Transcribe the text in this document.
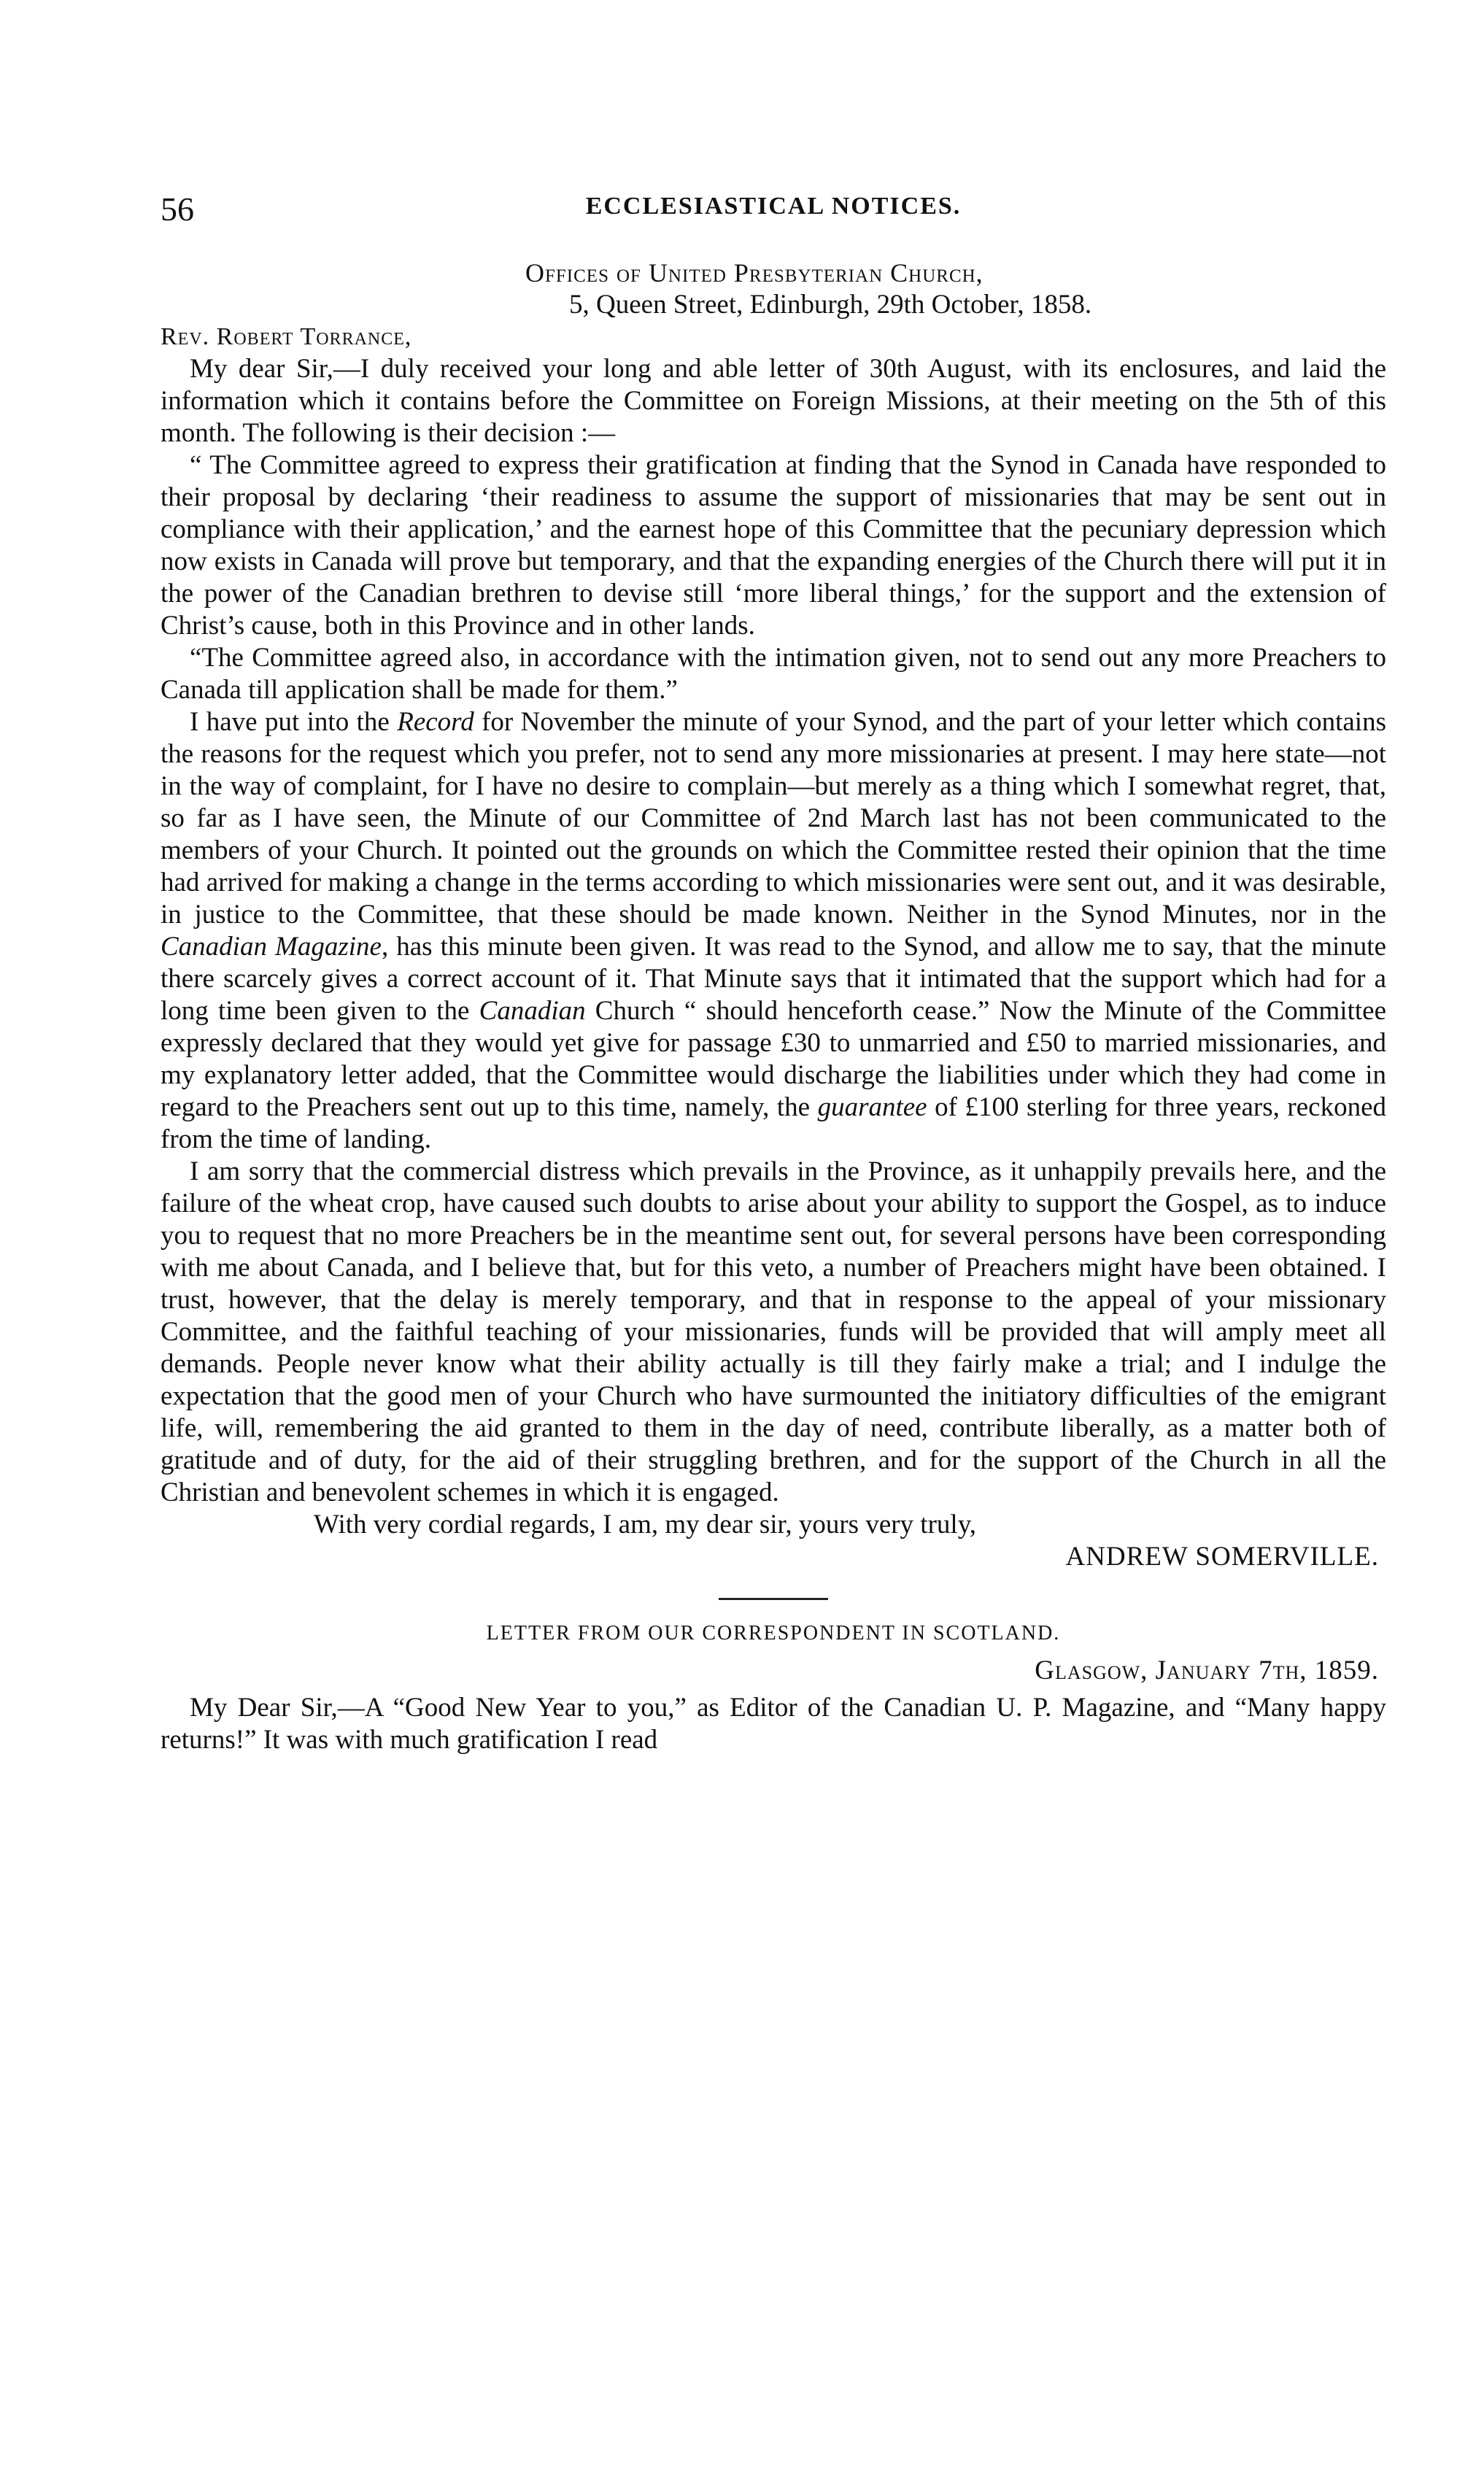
56	ECCLESIASTICAL NOTICES.

Offices of United Presbyterian Church,

5, Queen Street, Edinburgh, 29th October, 1858.

Rev. Robert Torrance,

My dear Sir,—I duly received your long and able letter of 30th August, with its enclosures, and laid the information which it contains before the Committee on Foreign Missions, at their meeting on the 5th of this month. The following is their decision :—

“ The Committee agreed to express their gratification at finding that the Synod in Canada have responded to their proposal by declaring ‘their readiness to assume the support of missionaries that may be sent out in compliance with their application,’ and the earnest hope of this Committee that the pecuniary depression which now exists in Canada will prove but temporary, and that the expanding energies of the Church there will put it in the power of the Canadian brethren to devise still ‘more liberal things,’ for the support and the extension of Christ’s cause, both in this Province and in other lands.

“The Committee agreed also, in accordance with the intimation given, not to send out any more Preachers to Canada till application shall be made for them.”

I have put into the Record for November the minute of your Synod, and the part of your letter which contains the reasons for the request which you prefer, not to send any more missionaries at present. I may here state—not in the way of complaint, for I have no desire to complain—but merely as a thing which I somewhat regret, that, so far as I have seen, the Minute of our Committee of 2nd March last has not been communicated to the members of your Church. It pointed out the grounds on which the Committee rested their opinion that the time had arrived for making a change in the terms according to which missionaries were sent out, and it was desirable, in justice to the Committee, that these should be made known. Neither in the Synod Minutes, nor in the Canadian Magazine, has this minute been given. It was read to the Synod, and allow me to say, that the minute there scarcely gives a correct account of it. That Minute says that it intimated that the support which had for a long time been given to the Canadian Church “ should henceforth cease.” Now the Minute of the Committee expressly declared that they would yet give for passage £30 to unmarried and £50 to married missionaries, and my explanatory letter added, that the Committee would discharge the liabilities under which they had come in regard to the Preachers sent out up to this time, namely, the guarantee of £100 sterling for three years, reckoned from the time of landing.

I am sorry that the commercial distress which prevails in the Province, as it unhappily prevails here, and the failure of the wheat crop, have caused such doubts to arise about your ability to support the Gospel, as to induce you to request that no more Preachers be in the meantime sent out, for several persons have been corresponding with me about Canada, and I believe that, but for this veto, a number of Preachers might have been obtained. I trust, however, that the delay is merely temporary, and that in response to the appeal of your missionary Committee, and the faithful teaching of your missionaries, funds will be provided that will amply meet all demands. People never know what their ability actually is till they fairly make a trial; and I indulge the expectation that the good men of your Church who have surmounted the initiatory difficulties of the emigrant life, will, remembering the aid granted to them in the day of need, contribute liberally, as a matter both of gratitude and of duty, for the aid of their struggling brethren, and for the support of the Church in all the Christian and benevolent schemes in which it is engaged.

With very cordial regards, I am, my dear sir, yours very truly,

ANDREW SOMERVILLE.

LETTER FROM OUR CORRESPONDENT IN SCOTLAND.

Glasgow, January 7th, 1859.

My Dear Sir,—A “Good New Year to you,” as Editor of the Canadian U. P. Magazine, and “Many happy returns!” It was with much gratification I read
